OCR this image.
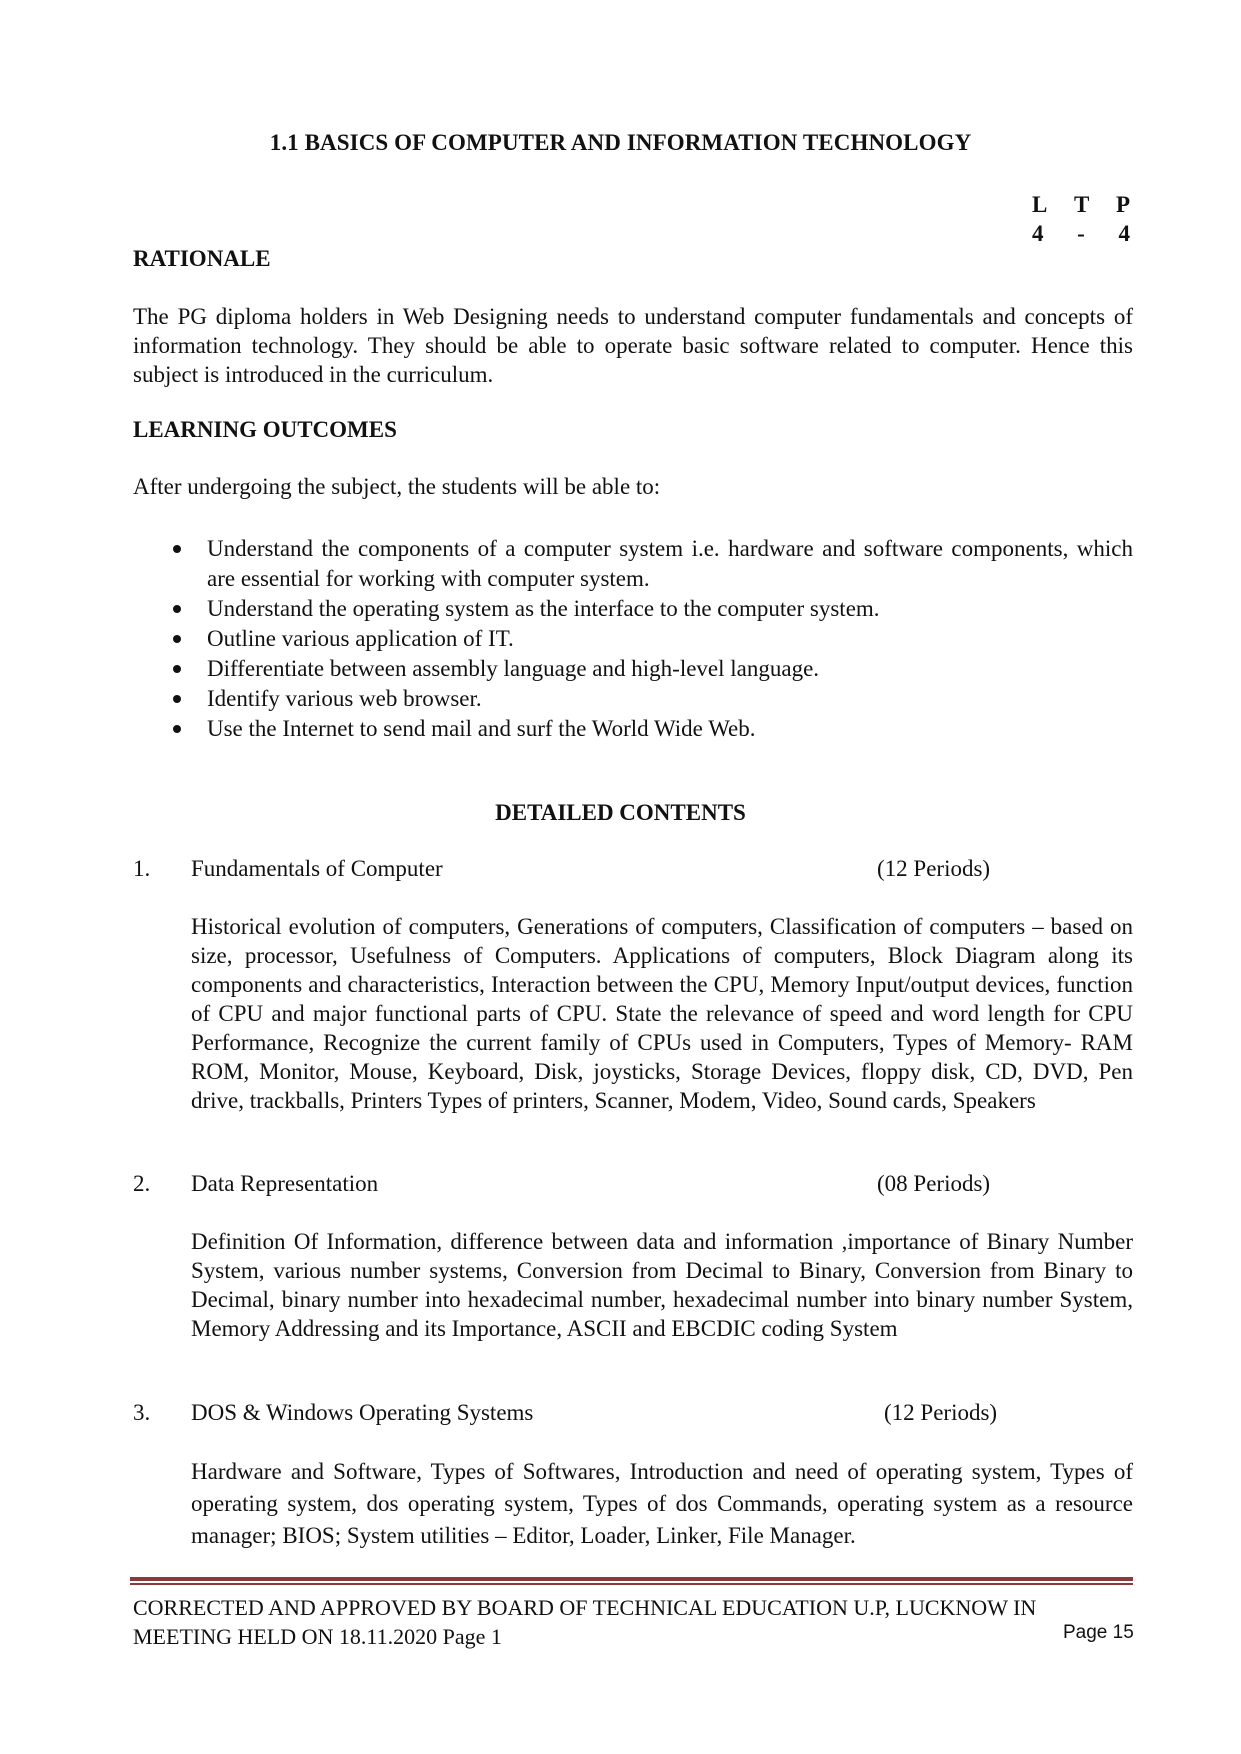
1.1 BASICS OF COMPUTER AND INFORMATION TECHNOLOGY
L T P
4 - 4
RATIONALE

The PG diploma holders in Web Designing needs to understand computer fundamentals and concepts of information technology. They should be able to operate basic software related to computer. Hence this subject is introduced in the curriculum.

LEARNING OUTCOMES

After undergoing the subject, the students will be able to:

Understand the components of a computer system i.e. hardware and software components, which are essential for working with computer system.
Understand the operating system as the interface to the computer system.
Outline various application of IT.
Differentiate between assembly language and high-level language.
Identify various web browser.
Use the Internet to send mail and surf the World Wide Web.
DETAILED CONTENTS
1. Fundamentals of Computer	(12 Periods)

Historical evolution of computers, Generations of computers, Classification of computers – based on size, processor, Usefulness of Computers. Applications of computers, Block Diagram along its components and characteristics, Interaction between the CPU, Memory Input/output devices, function of CPU and major functional parts of CPU. State the relevance of speed and word length for CPU Performance, Recognize the current family of CPUs used in Computers, Types of Memory- RAM ROM, Monitor, Mouse, Keyboard, Disk, joysticks, Storage Devices, floppy disk, CD, DVD, Pen drive, trackballs, Printers Types of printers, Scanner, Modem, Video, Sound cards, Speakers

2. Data Representation	(08 Periods)

Definition Of Information, difference between data and information ,importance of Binary Number System, various number systems, Conversion from Decimal to Binary, Conversion from Binary to Decimal, binary number into hexadecimal number, hexadecimal number into binary number System, Memory Addressing and its Importance, ASCII and EBCDIC coding System

3. DOS & Windows Operating Systems	(12 Periods)

Hardware and Software, Types of Softwares, Introduction and need of operating system, Types of operating system, dos operating system, Types of dos Commands, operating system as a resource manager; BIOS; System utilities – Editor, Loader, Linker, File Manager.

CORRECTED AND APPROVED BY BOARD OF TECHNICAL EDUCATION U.P, LUCKNOW IN MEETING HELD ON 18.11.2020 Page 1	Page 15
